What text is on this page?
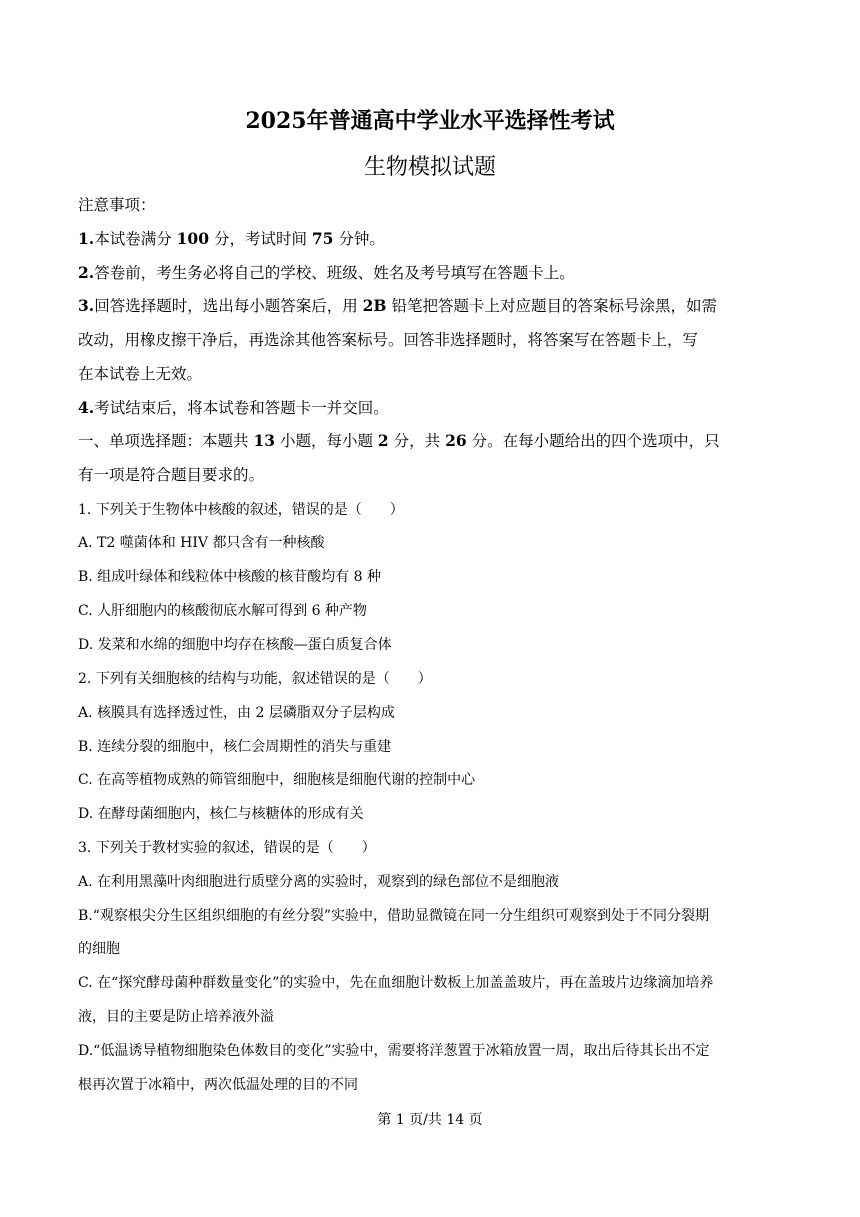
2025年普通高中学业水平选择性考试
生物模拟试题
注意事项：
1.本试卷满分 100 分，考试时间 75 分钟。
2.答卷前，考生务必将自己的学校、班级、姓名及考号填写在答题卡上。
3.回答选择题时，选出每小题答案后，用 2B 铅笔把答题卡上对应题目的答案标号涂黑，如需
改动，用橡皮擦干净后，再选涂其他答案标号。回答非选择题时，将答案写在答题卡上，写
在本试卷上无效。
4.考试结束后，将本试卷和答题卡一并交回。
一、单项选择题：本题共 13 小题，每小题 2 分，共 26 分。在每小题给出的四个选项中，只
有一项是符合题目要求的。
1. 下列关于生物体中核酸的叙述，错误的是（　　）
A. T2 噬菌体和 HIV 都只含有一种核酸
B. 组成叶绿体和线粒体中核酸的核苷酸均有 8 种
C. 人肝细胞内的核酸彻底水解可得到 6 种产物
D. 发菜和水绵的细胞中均存在核酸—蛋白质复合体
2. 下列有关细胞核的结构与功能，叙述错误的是（　　）
A. 核膜具有选择透过性，由 2 层磷脂双分子层构成
B. 连续分裂的细胞中，核仁会周期性的消失与重建
C. 在高等植物成熟的筛管细胞中，细胞核是细胞代谢的控制中心
D. 在酵母菌细胞内，核仁与核糖体的形成有关
3. 下列关于教材实验的叙述，错误的是（　　）
A. 在利用黑藻叶肉细胞进行质壁分离的实验时，观察到的绿色部位不是细胞液
B.“观察根尖分生区组织细胞的有丝分裂”实验中，借助显微镜在同一分生组织可观察到处于不同分裂期
的细胞
C. 在“探究酵母菌种群数量变化”的实验中，先在血细胞计数板上加盖盖玻片，再在盖玻片边缘滴加培养
液，目的主要是防止培养液外溢
D.“低温诱导植物细胞染色体数目的变化”实验中，需要将洋葱置于冰箱放置一周，取出后待其长出不定
根再次置于冰箱中，两次低温处理的目的不同
第 1 页/共 14 页
